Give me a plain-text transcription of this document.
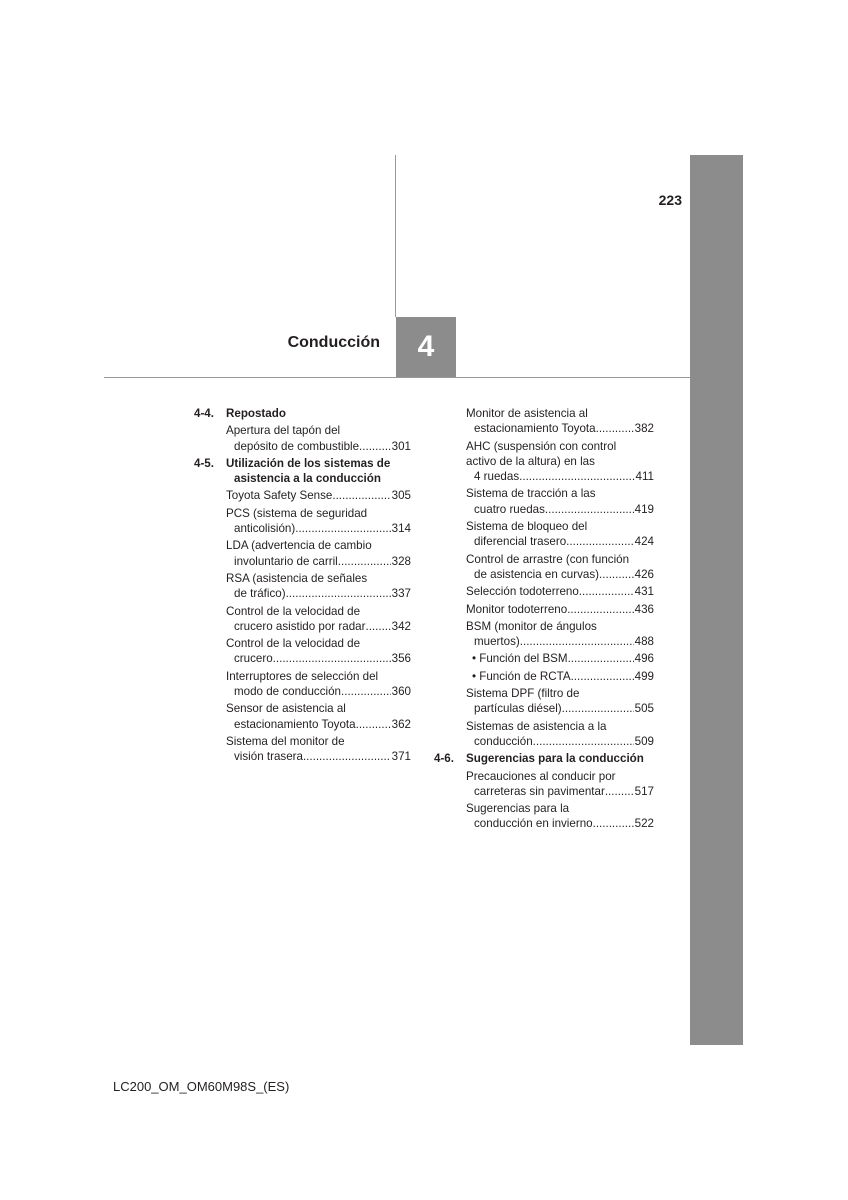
223
Conducción 4
4-4. Repostado
Apertura del tapón del
depósito de combustible .....	301
4-5. Utilización de los sistemas de
asistencia a la conducción
Toyota Safety Sense .....	305
PCS (sistema de seguridad
anticolisión) .....	314
LDA (advertencia de cambio
involuntario de carril .....	328
RSA (asistencia de señales
de tráfico) .....	337
Control de la velocidad de
crucero asistido por radar ..... 342
Control de la velocidad de
crucero .....	356
Interruptores de selección del
modo de conducción .....	360
Sensor de asistencia al
estacionamiento Toyota .....	362
Sistema del monitor de
visión trasera .....	371
Monitor de asistencia al
estacionamiento Toyota .....	382
AHC (suspensión con control
activo de la altura) en las
4 ruedas .....	411
Sistema de tracción a las
cuatro ruedas .....	419
Sistema de bloqueo del
diferencial trasero .....	424
Control de arrastre (con función
de asistencia en curvas) .....	426
Selección todoterreno .....	431
Monitor todoterreno .....	436
BSM (monitor de ángulos
muertos) .....	488
• Función del BSM .....	496
• Función de RCTA .....	499
Sistema DPF (filtro de
partículas diésel) .....	505
Sistemas de asistencia a la
conducción .....	509
4-6. Sugerencias para la conducción
Precauciones al conducir por
carreteras sin pavimentar .....	517
Sugerencias para la
conducción en invierno .....	522
LC200_OM_OM60M98S_(ES)
